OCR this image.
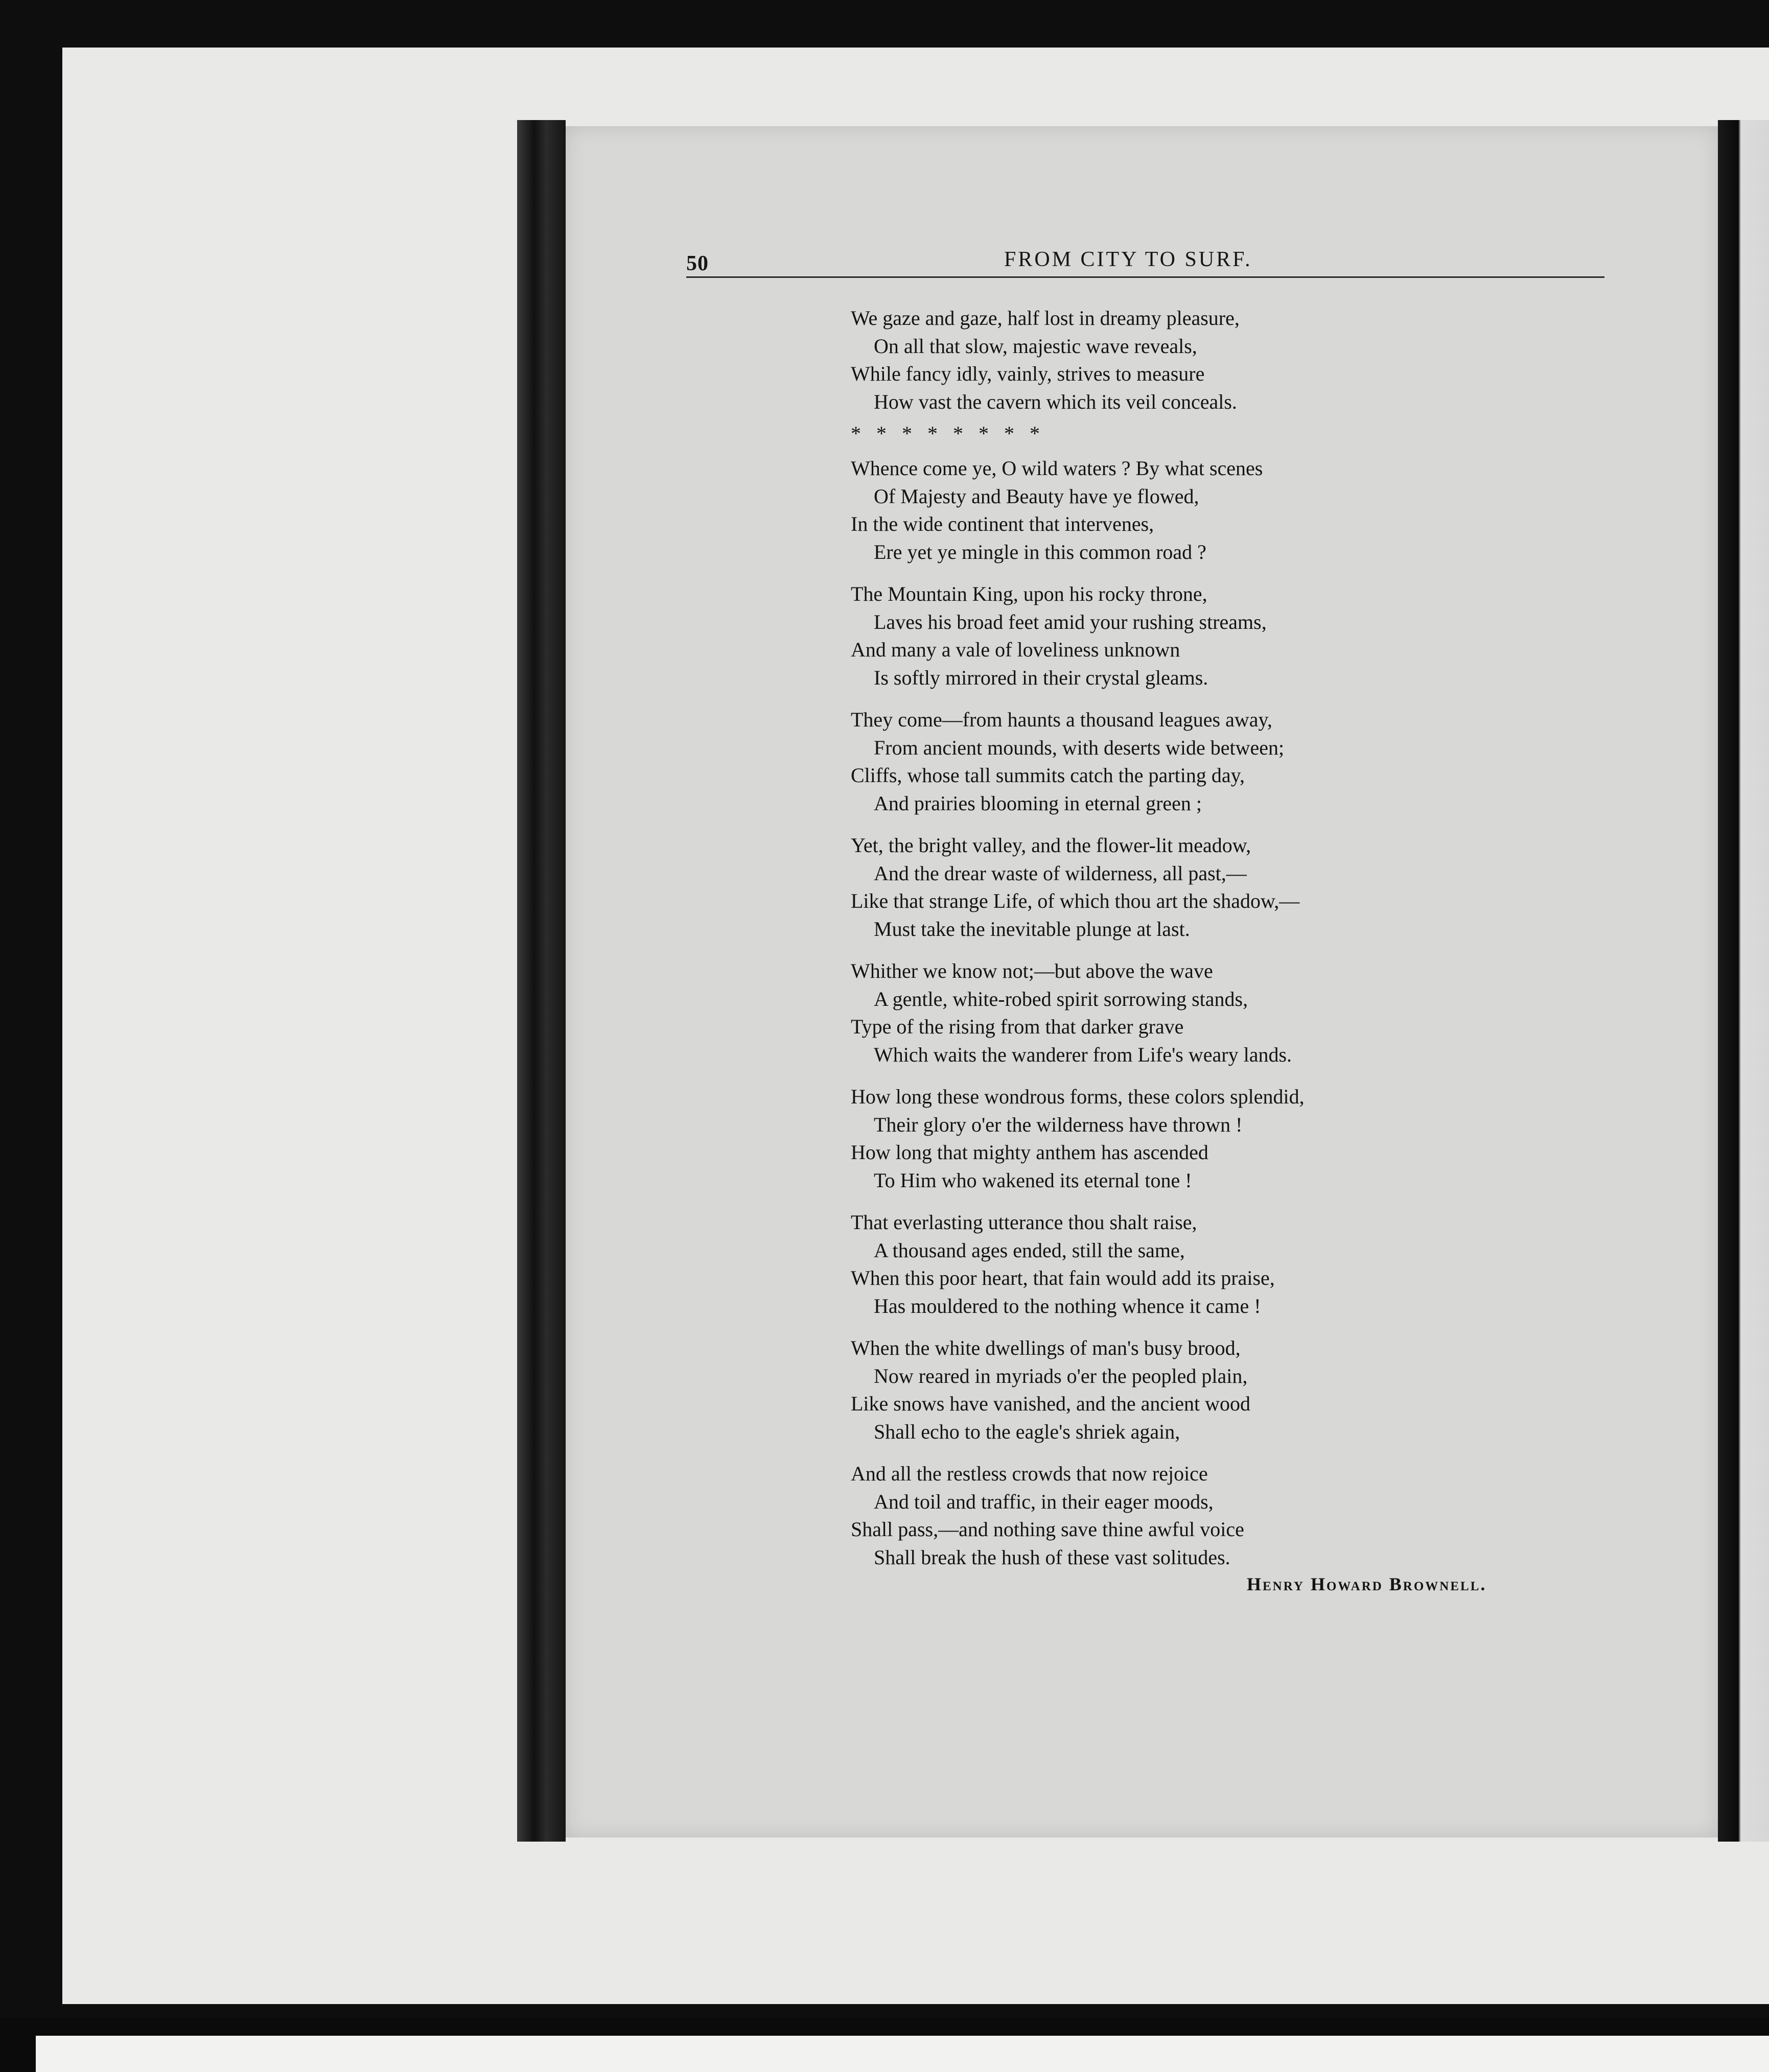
50	FROM CITY TO SURF.
We gaze and gaze, half lost in dreamy pleasure,
On all that slow, majestic wave reveals,
While fancy idly, vainly, strives to measure
How vast the cavern which its veil conceals.
*   *   *   *   *   *   *   *
Whence come ye, O wild waters ? By what scenes
Of Majesty and Beauty have ye flowed,
In the wide continent that intervenes,
Ere yet ye mingle in this common road ?
The Mountain King, upon his rocky throne,
Laves his broad feet amid your rushing streams,
And many a vale of loveliness unknown
Is softly mirrored in their crystal gleams.
They come—from haunts a thousand leagues away,
From ancient mounds, with deserts wide between;
Cliffs, whose tall summits catch the parting day,
And prairies blooming in eternal green ;
Yet, the bright valley, and the flower-lit meadow,
And the drear waste of wilderness, all past,—
Like that strange Life, of which thou art the shadow,—
Must take the inevitable plunge at last.
Whither we know not;—but above the wave
A gentle, white-robed spirit sorrowing stands,
Type of the rising from that darker grave
Which waits the wanderer from Life's weary lands.
How long these wondrous forms, these colors splendid,
Their glory o'er the wilderness have thrown !
How long that mighty anthem has ascended
To Him who wakened its eternal tone !
That everlasting utterance thou shalt raise,
A thousand ages ended, still the same,
When this poor heart, that fain would add its praise,
Has mouldered to the nothing whence it came !
When the white dwellings of man's busy brood,
Now reared in myriads o'er the peopled plain,
Like snows have vanished, and the ancient wood
Shall echo to the eagle's shriek again,
And all the restless crowds that now rejoice
And toil and traffic, in their eager moods,
Shall pass,—and nothing save thine awful voice
Shall break the hush of these vast solitudes.
Henry Howard Brownell.
